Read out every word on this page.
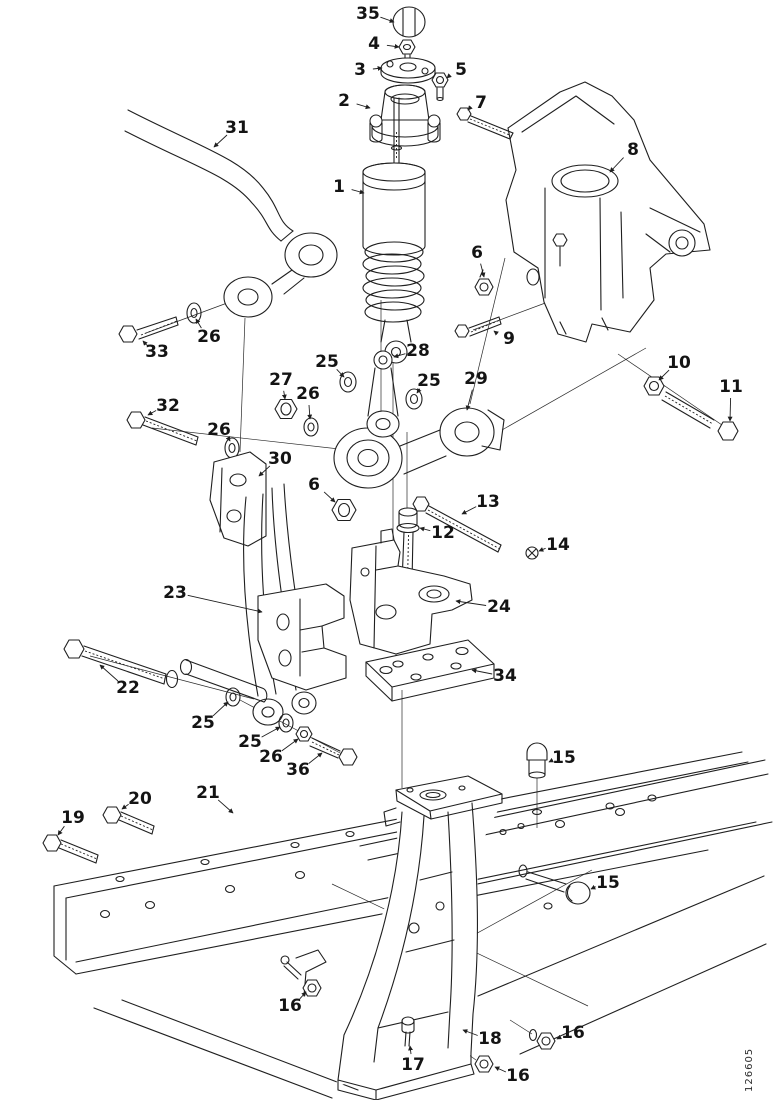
35
4
3	5
2	7
31
8
1
6
9
26
33	28
25	10
27	25 29	11
26
32
26
30
6
13
12
14
23
24
34
22
25
25
26
36
15
21
20
19
15
16
16
18
17
16	126605
